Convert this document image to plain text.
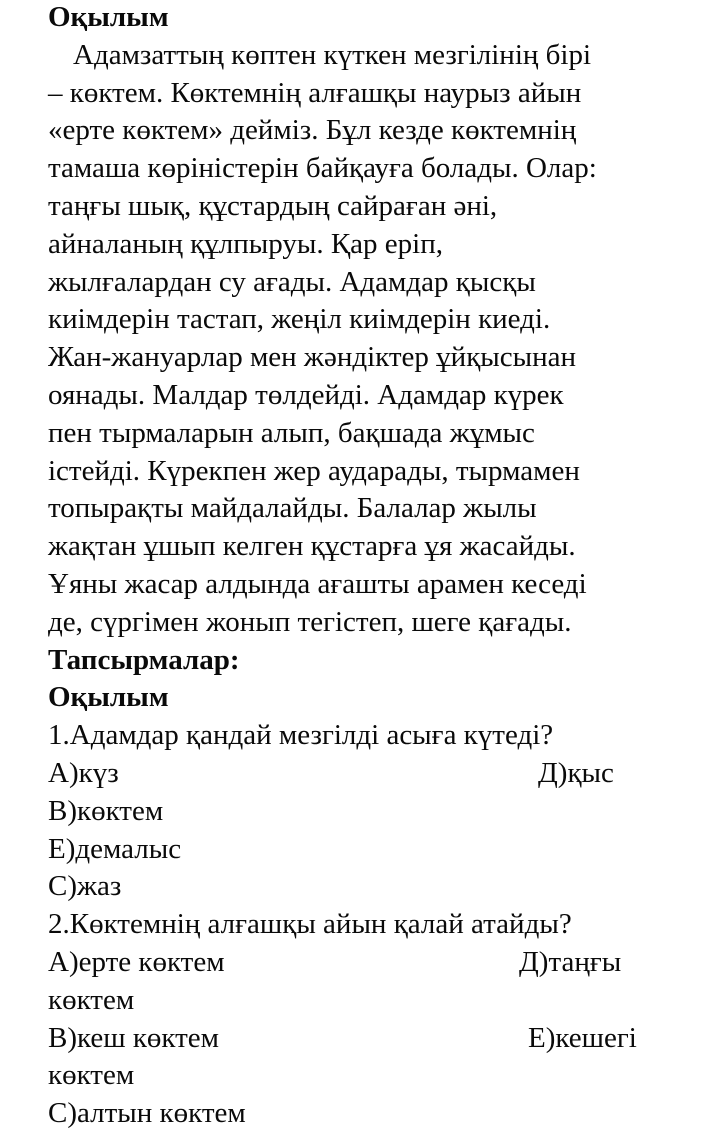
Оқылым
Адамзаттың көптен күткен мезгілінің бірі
– көктем. Көктемнің алғашқы наурыз айын
«ерте көктем» дейміз. Бұл кезде көктемнің
тамаша көріністерін байқауға болады. Олар:
таңғы шық, құстардың сайраған әні,
айналаның құлпыруы. Қар еріп,
жылғалардан су ағады. Адамдар қысқы
киімдерін тастап, жеңіл киімдерін киеді.
Жан-жануарлар мен жәндіктер ұйқысынан
оянады. Малдар төлдейді. Адамдар күрек
пен тырмаларын алып, бақшада жұмыс
істейді. Күрекпен жер аударады, тырмамен
топырақты майдалайды. Балалар жылы
жақтан ұшып келген құстарға ұя жасайды.
Ұяны жасар алдында ағашты арамен кеседі
де, сүргімен жонып тегістеп, шеге қағады.
Тапсырмалар:
Оқылым
1.Адамдар қандай мезгілді асыға күтеді?
А)күз	Д)қыс
В)көктем
Е)демалыс
С)жаз
2.Көктемнің алғашқы айын қалай атайды?
А)ерте көктем	Д)таңғы
көктем
В)кеш көктем	Е)кешегі
көктем
С)алтын көктем
